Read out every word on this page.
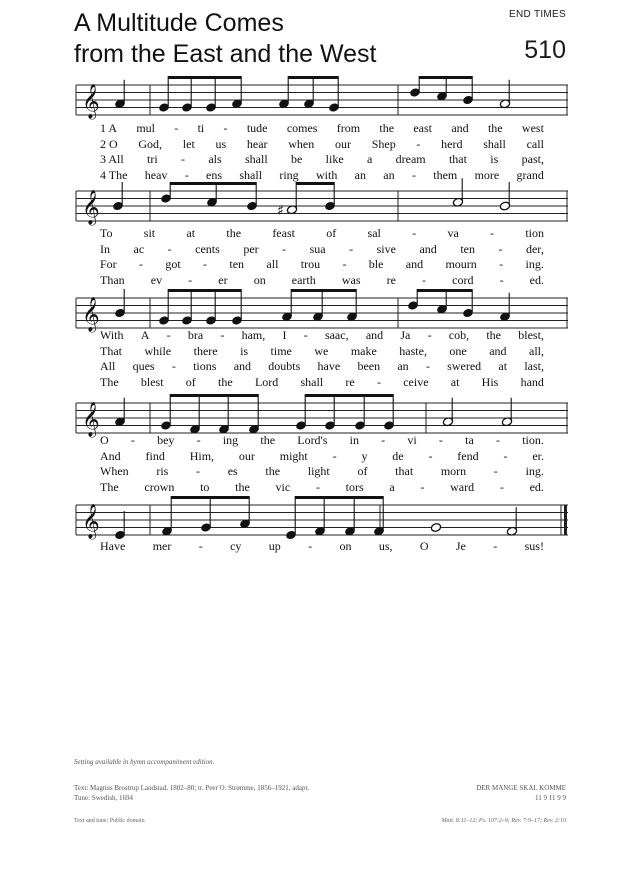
A Multitude Comes
from the East and the West
END TIMES
510
𝄞
𝄞	♯
𝄞
𝄞
𝄞
1 A mul - ti - tude comes from the east and the west
2 O God, let us hear when our Shep - herd shall call
3 All tri - als shall be like a dream that is past,
4 The heav - ens shall ring with an an - them more grand
To	sit	at	the	feast	of	sal	-	va	-	tion
In ac - cents per - sua - sive and ten - der,
For - got - ten all trou - ble and mourn - ing.
Than ev - er on earth was re - cord - ed.
With A - bra - ham, I - saac, and Ja - cob, the blest,
That while there is time we make haste, one and all,
All ques - tions and doubts have been an - swered at last,
The blest of the Lord shall re - ceive at His hand
O - bey - ing the Lord's in - vi - ta - tion.
And find Him, our might - y de - fend - er.
When ris - es the light of that morn - ing.
The crown to the vic - tors a - ward - ed.
Have mer - cy up - on us, O Je - sus!
Setting available in hymn accompaniment edition.
Text: Magnus Brostrup Landstad, 1802–80; tr. Peer O. Strømme, 1856–1921, adapt.
Tune: Swedish, 1694
DER MANGE SKAL KOMME
11 9 11 9 9
Text and tune: Public domain	Matt. 8:11–12; Ps. 107:2–9; Rev. 7:9–17; Rev. 2:10
